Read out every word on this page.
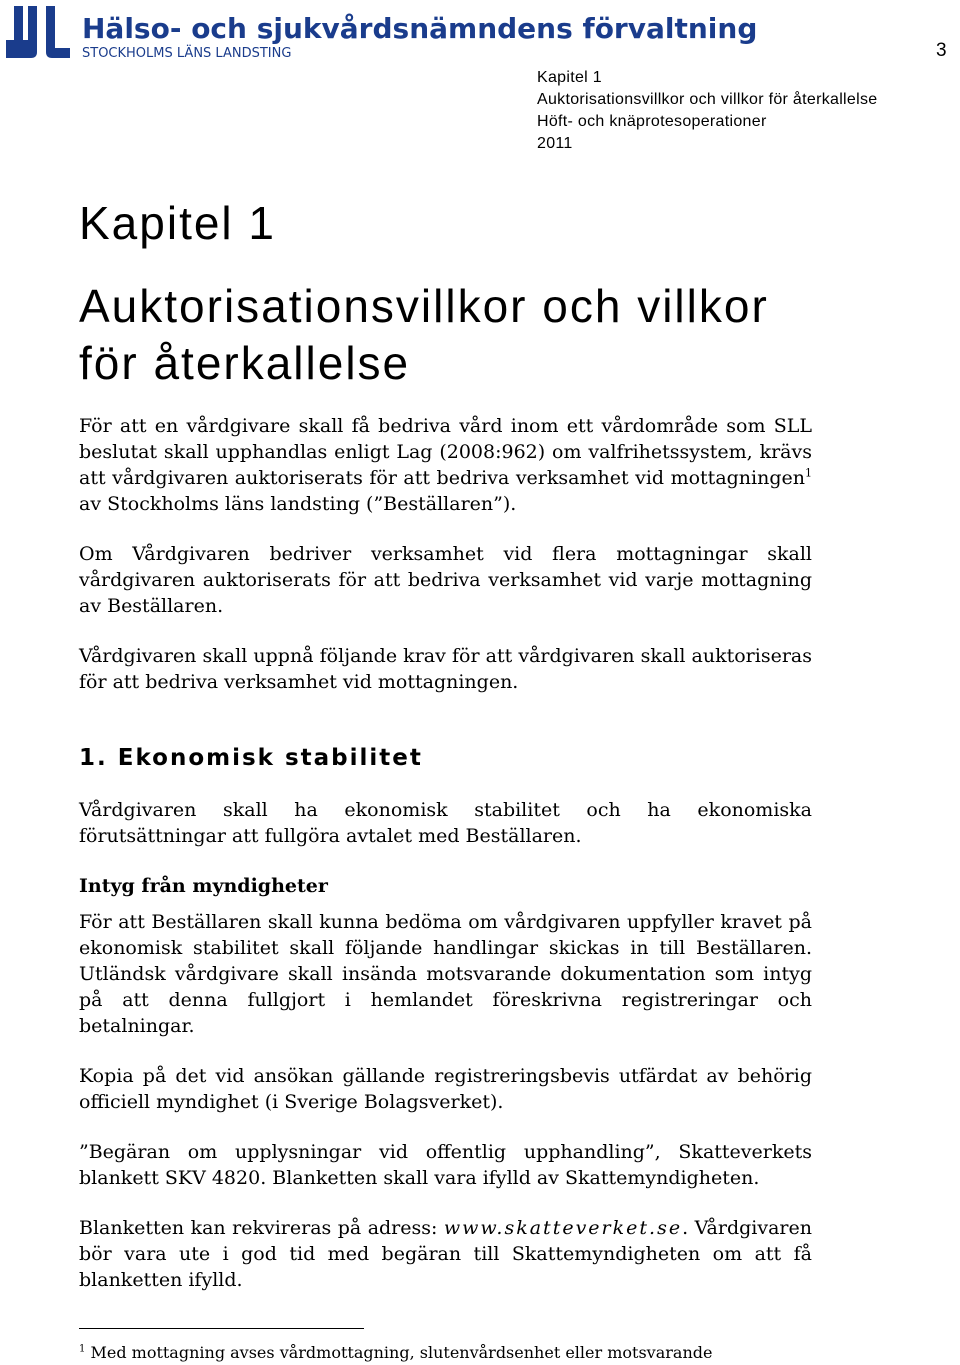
Hälso- och sjukvårdsnämndens förvaltning
STOCKHOLMS LÄNS LANDSTING	3
Kapitel 1
Auktorisationsvillkor och villkor för återkallelse
Höft- och knäprotesoperationer
2011
Kapitel 1
Auktorisationsvillkor och villkor för återkallelse

För att en vårdgivare skall få bedriva vård inom ett vårdområde som SLL beslutat skall upphandlas enligt Lag (2008:962) om valfrihetssystem, krävs att vårdgivaren auktoriserats för att bedriva verksamhet vid mottagningen$^1$ av Stockholms läns landsting (”Beställaren”).

Om Vårdgivaren bedriver verksamhet vid flera mottagningar skall vårdgivaren auktoriserats för att bedriva verksamhet vid varje mottagning av Beställaren.

Vårdgivaren skall uppnå följande krav för att vårdgivaren skall auktoriseras för att bedriva verksamhet vid mottagningen.

1. Ekonomisk stabilitet

Vårdgivaren skall ha ekonomisk stabilitet och ha ekonomiska förutsättningar att fullgöra avtalet med Beställaren.

Intyg från myndigheter

För att Beställaren skall kunna bedöma om vårdgivaren uppfyller kravet på ekonomisk stabilitet skall följande handlingar skickas in till Beställaren. Utländsk vårdgivare skall insända motsvarande dokumentation som intyg på att denna fullgjort i hemlandet föreskrivna registreringar och betalningar.

Kopia på det vid ansökan gällande registreringsbevis utfärdat av behörig officiell myndighet (i Sverige Bolagsverket).

”Begäran om upplysningar vid offentlig upphandling”, Skatteverkets blankett SKV 4820. Blanketten skall vara ifylld av Skattemyndigheten.

Blanketten kan rekvireras på adress: www.skatteverket.se. Vårdgivaren bör vara ute i god tid med begäran till Skattemyndigheten om att få blanketten ifylld.

$^1$ Med mottagning avses vårdmottagning, slutenvårdsenhet eller motsvarande
